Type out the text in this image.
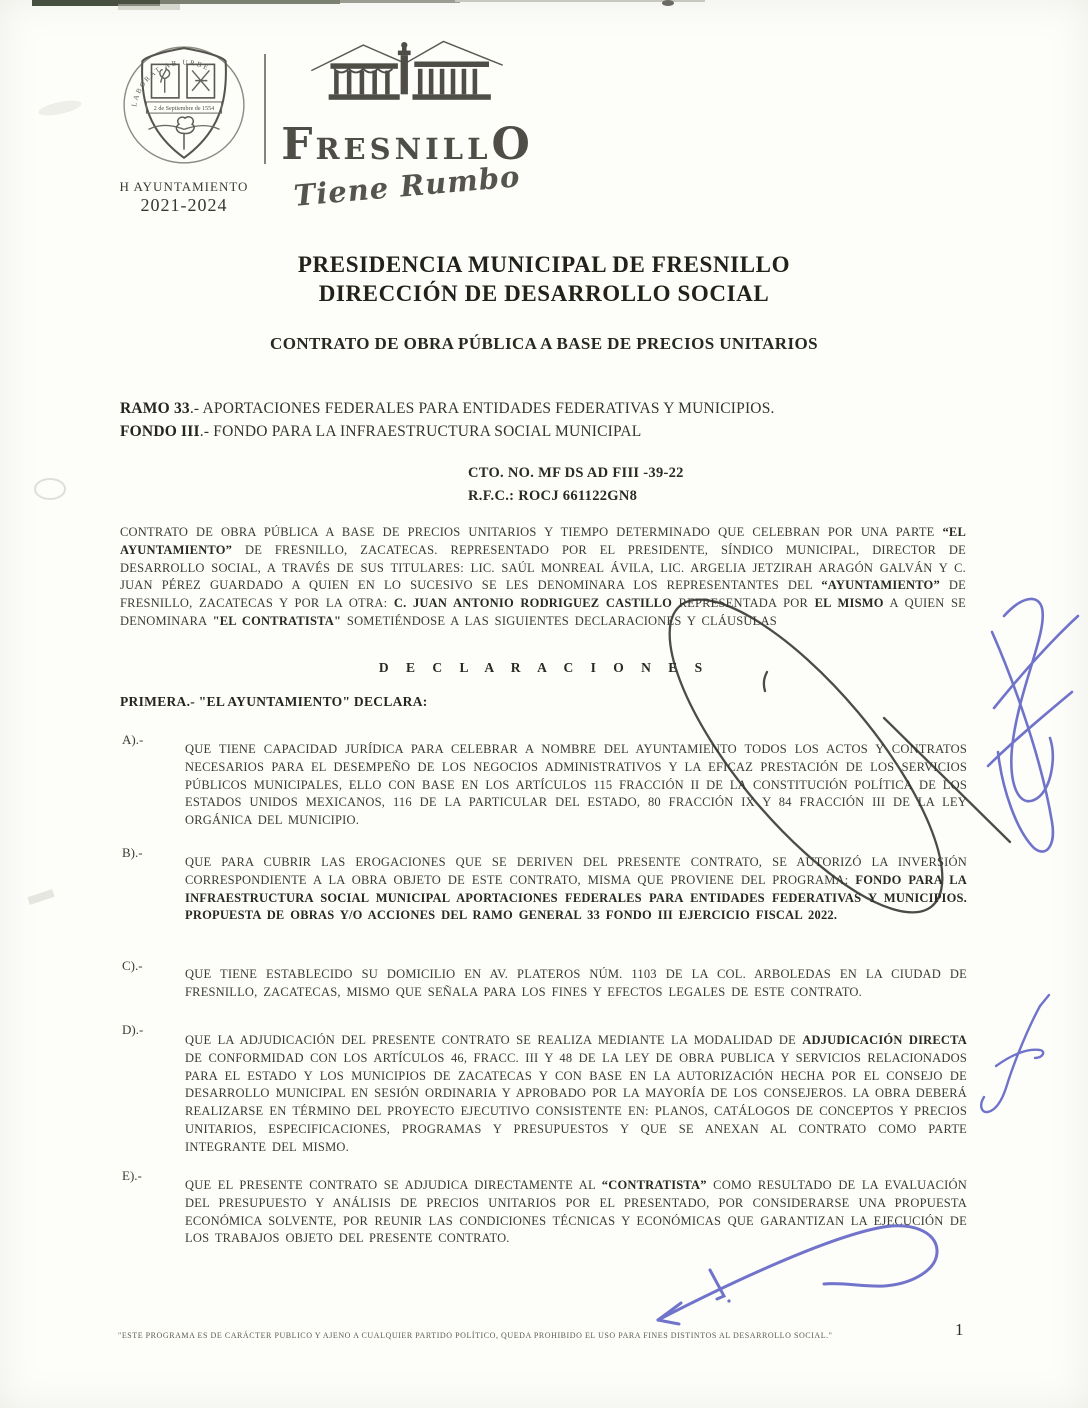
LABORAT AB URBE
2 de Septiembre de 1554
H AYUNTAMIENTO
2021-2024
F RESNILL O
Tiene Rumbo
PRESIDENCIA MUNICIPAL DE FRESNILLO
DIRECCIÓN DE DESARROLLO SOCIAL
CONTRATO DE OBRA PÚBLICA A BASE DE PRECIOS UNITARIOS
RAMO 33.- APORTACIONES FEDERALES PARA ENTIDADES FEDERATIVAS Y MUNICIPIOS.
FONDO III.- FONDO PARA LA INFRAESTRUCTURA SOCIAL MUNICIPAL
CTO. NO. MF DS AD FIII -39-22
R.F.C.: ROCJ 661122GN8
CONTRATO DE OBRA PÚBLICA A BASE DE PRECIOS UNITARIOS Y TIEMPO DETERMINADO QUE CELEBRAN POR UNA PARTE “EL AYUNTAMIENTO” DE FRESNILLO, ZACATECAS. REPRESENTADO POR EL PRESIDENTE, SÍNDICO MUNICIPAL, DIRECTOR DE DESARROLLO SOCIAL, A TRAVÉS DE SUS TITULARES: LIC. SAÚL MONREAL ÁVILA, LIC. ARGELIA JETZIRAH ARAGÓN GALVÁN Y C. JUAN PÉREZ GUARDADO A QUIEN EN LO SUCESIVO SE LES DENOMINARA LOS REPRESENTANTES DEL “AYUNTAMIENTO” DE FRESNILLO, ZACATECAS Y POR LA OTRA: C. JUAN ANTONIO RODRIGUEZ CASTILLO REPRESENTADA POR EL MISMO A QUIEN SE DENOMINARA "EL CONTRATISTA" SOMETIÉNDOSE A LAS SIGUIENTES DECLARACIONES Y CLÁUSULAS
D E C L A R A C I O N E S
PRIMERA.- "EL AYUNTAMIENTO" DECLARA:
A).-
QUE TIENE CAPACIDAD JURÍDICA PARA CELEBRAR A NOMBRE DEL AYUNTAMIENTO TODOS LOS ACTOS Y CONTRATOS NECESARIOS PARA EL DESEMPEÑO DE LOS NEGOCIOS ADMINISTRATIVOS Y LA EFICAZ PRESTACIÓN DE LOS SERVICIOS PÚBLICOS MUNICIPALES, ELLO CON BASE EN LOS ARTÍCULOS 115 FRACCIÓN II DE LA CONSTITUCIÓN POLÍTICA DE LOS ESTADOS UNIDOS MEXICANOS, 116 DE LA PARTICULAR DEL ESTADO, 80 FRACCIÓN IX Y 84 FRACCIÓN III DE LA LEY ORGÁNICA DEL MUNICIPIO.
B).-
QUE PARA CUBRIR LAS EROGACIONES QUE SE DERIVEN DEL PRESENTE CONTRATO, SE AUTORIZÓ LA INVERSIÓN CORRESPONDIENTE A LA OBRA OBJETO DE ESTE CONTRATO, MISMA QUE PROVIENE DEL PROGRAMA: FONDO PARA LA INFRAESTRUCTURA SOCIAL MUNICIPAL APORTACIONES FEDERALES PARA ENTIDADES FEDERATIVAS Y MUNICIPIOS. PROPUESTA DE OBRAS Y/O ACCIONES DEL RAMO GENERAL 33 FONDO III EJERCICIO FISCAL 2022.
C).-
QUE TIENE ESTABLECIDO SU DOMICILIO EN AV. PLATEROS NÚM. 1103 DE LA COL. ARBOLEDAS EN LA CIUDAD DE FRESNILLO, ZACATECAS, MISMO QUE SEÑALA PARA LOS FINES Y EFECTOS LEGALES DE ESTE CONTRATO.
D).-
QUE LA ADJUDICACIÓN DEL PRESENTE CONTRATO SE REALIZA MEDIANTE LA MODALIDAD DE ADJUDICACIÓN DIRECTA DE CONFORMIDAD CON LOS ARTÍCULOS 46, FRACC. III Y 48 DE LA LEY DE OBRA PUBLICA Y SERVICIOS RELACIONADOS PARA EL ESTADO Y LOS MUNICIPIOS DE ZACATECAS Y CON BASE EN LA AUTORIZACIÓN HECHA POR EL CONSEJO DE DESARROLLO MUNICIPAL EN SESIÓN ORDINARIA Y APROBADO POR LA MAYORÍA DE LOS CONSEJEROS. LA OBRA DEBERÁ REALIZARSE EN TÉRMINO DEL PROYECTO EJECUTIVO CONSISTENTE EN: PLANOS, CATÁLOGOS DE CONCEPTOS Y PRECIOS UNITARIOS, ESPECIFICACIONES, PROGRAMAS Y PRESUPUESTOS Y QUE SE ANEXAN AL CONTRATO COMO PARTE INTEGRANTE DEL MISMO.
E).-
QUE EL PRESENTE CONTRATO SE ADJUDICA DIRECTAMENTE AL “CONTRATISTA” COMO RESULTADO DE LA EVALUACIÓN DEL PRESUPUESTO Y ANÁLISIS DE PRECIOS UNITARIOS POR EL PRESENTADO, POR CONSIDERARSE UNA PROPUESTA ECONÓMICA SOLVENTE, POR REUNIR LAS CONDICIONES TÉCNICAS Y ECONÓMICAS QUE GARANTIZAN LA EJECUCIÓN DE LOS TRABAJOS OBJETO DEL PRESENTE CONTRATO.
"ESTE PROGRAMA ES DE CARÁCTER PUBLICO Y AJENO A CUALQUIER PARTIDO POLÍTICO, QUEDA PROHIBIDO EL USO PARA FINES DISTINTOS AL DESARROLLO SOCIAL."	1
